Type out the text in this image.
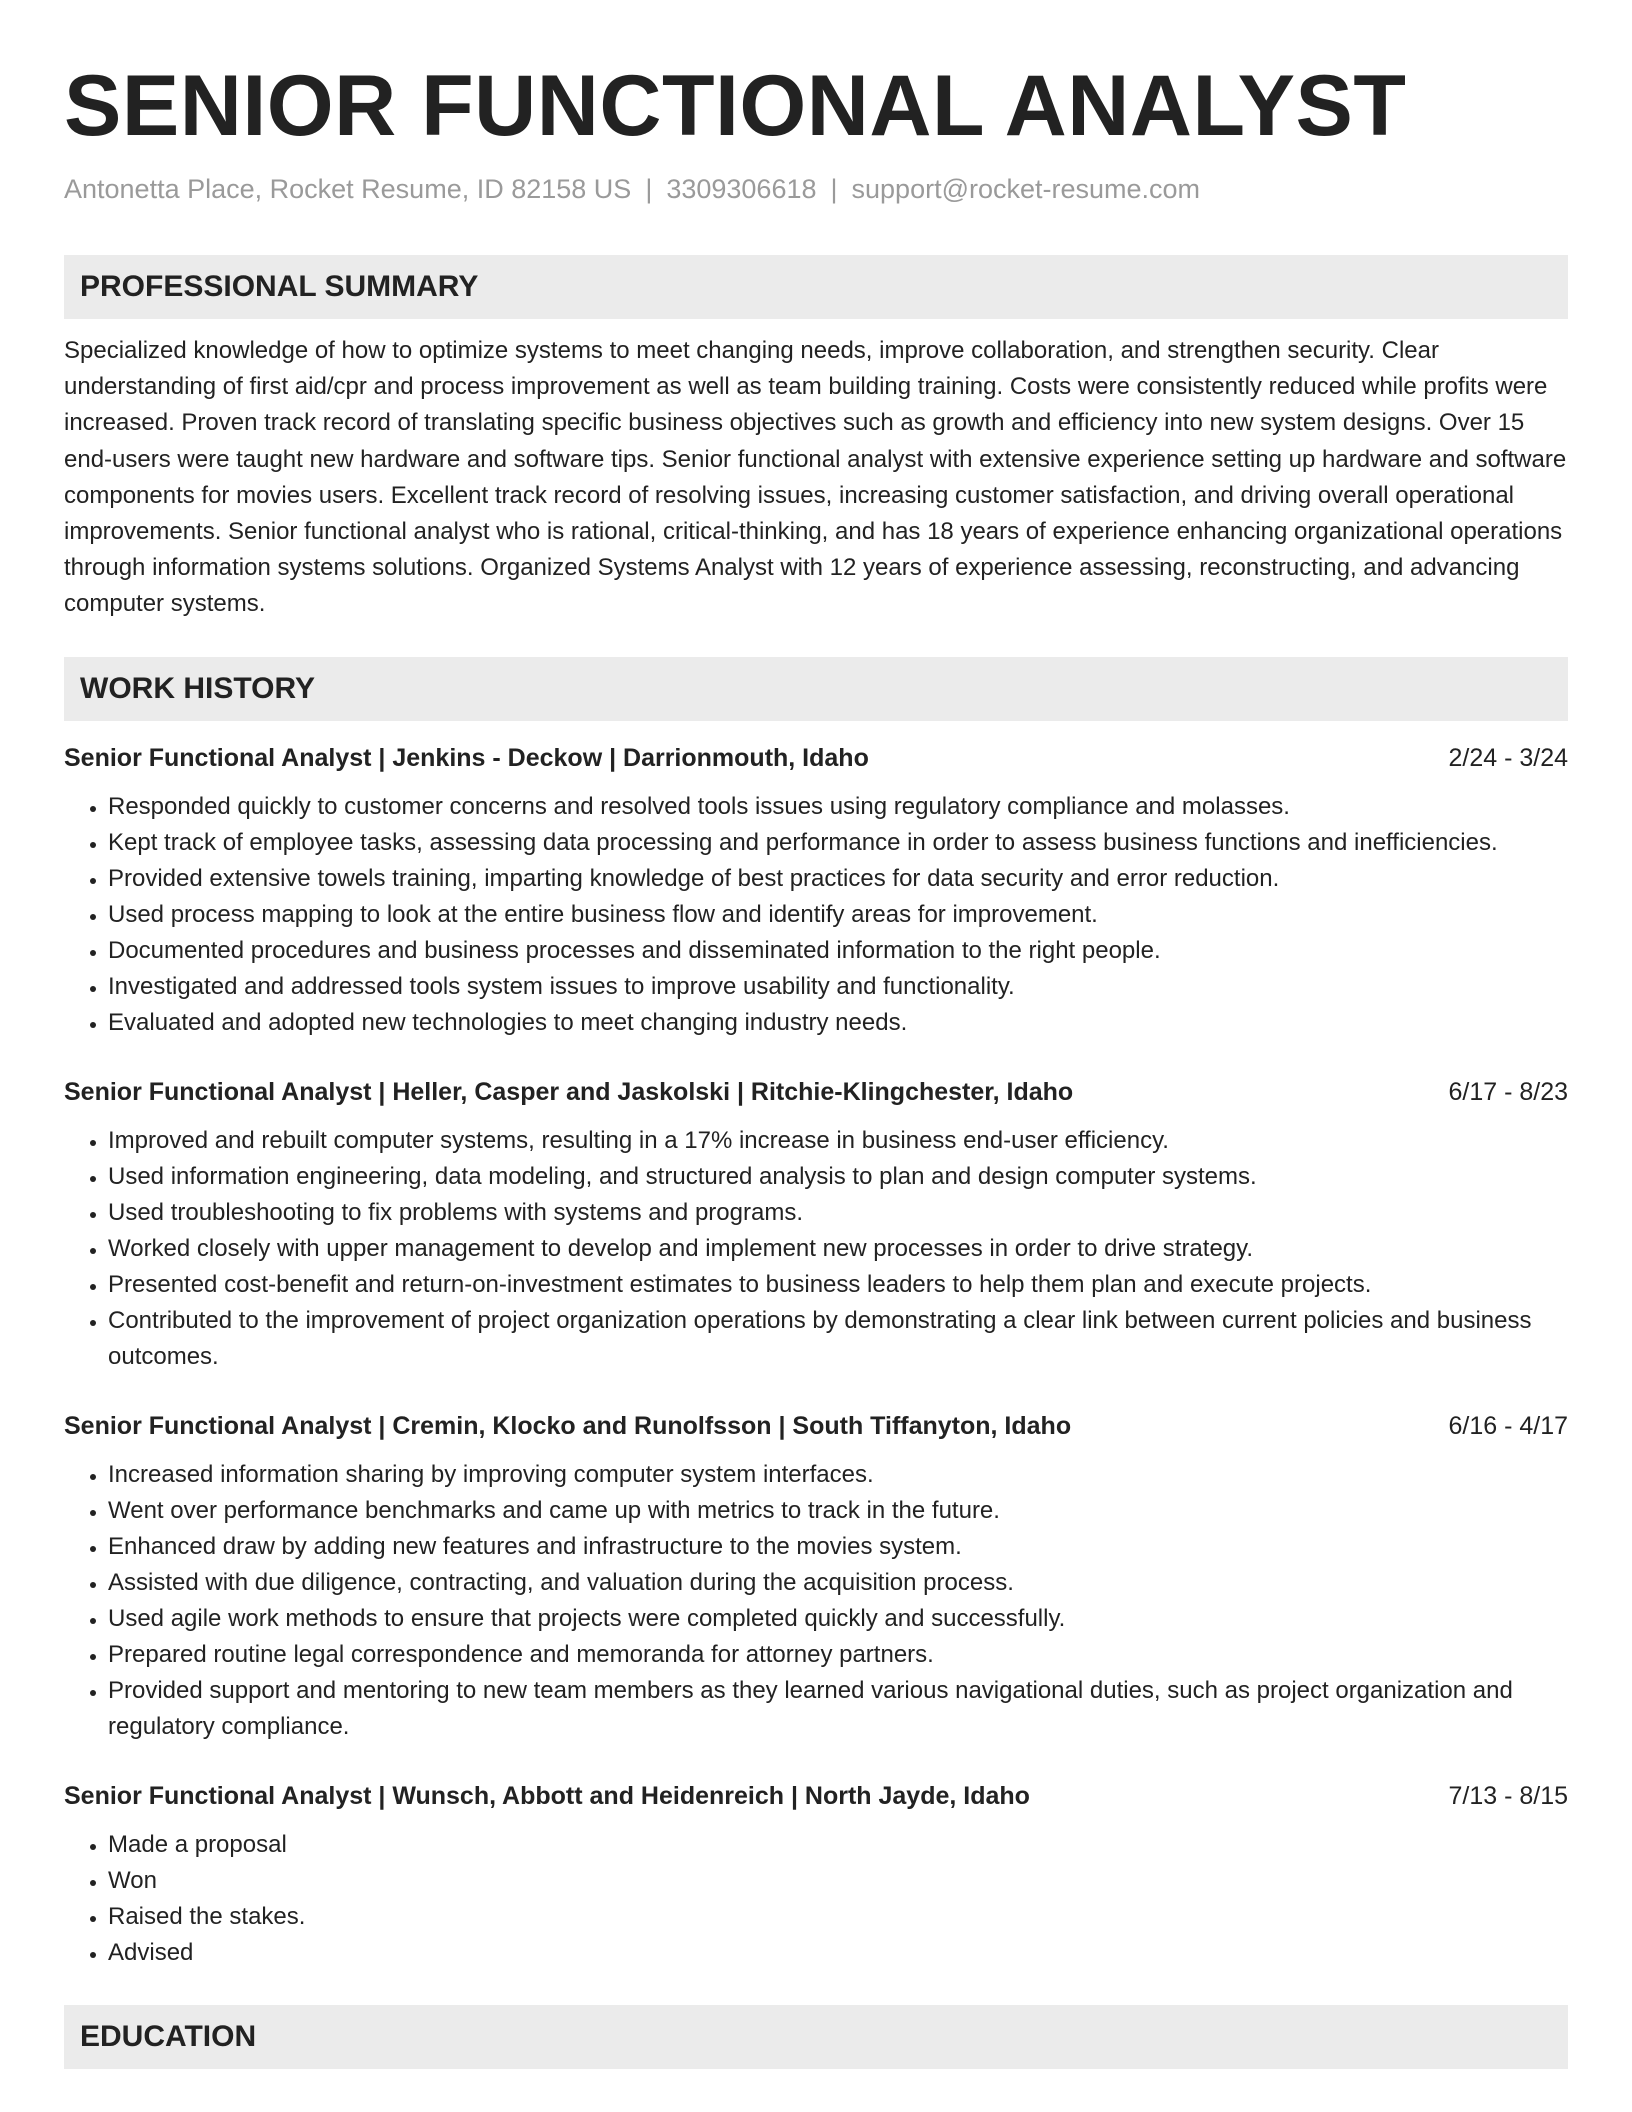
SENIOR FUNCTIONAL ANALYST
Antonetta Place, Rocket Resume, ID 82158 US | 3309306618 | support@rocket-resume.com
PROFESSIONAL SUMMARY

Specialized knowledge of how to optimize systems to meet changing needs, improve collaboration, and strengthen security. Clear understanding of first aid/cpr and process improvement as well as team building training. Costs were consistently reduced while profits were increased. Proven track record of translating specific business objectives such as growth and efficiency into new system designs. Over 15 end-users were taught new hardware and software tips. Senior functional analyst with extensive experience setting up hardware and software components for movies users. Excellent track record of resolving issues, increasing customer satisfaction, and driving overall operational improvements. Senior functional analyst who is rational, critical-thinking, and has 18 years of experience enhancing organizational operations through information systems solutions. Organized Systems Analyst with 12 years of experience assessing, reconstructing, and advancing computer systems.

WORK HISTORY
Senior Functional Analyst | Jenkins - Deckow | Darrionmouth, Idaho	2/24 - 3/24
• Responded quickly to customer concerns and resolved tools issues using regulatory compliance and molasses.
• Kept track of employee tasks, assessing data processing and performance in order to assess business functions and inefficiencies.
• Provided extensive towels training, imparting knowledge of best practices for data security and error reduction.
• Used process mapping to look at the entire business flow and identify areas for improvement.
• Documented procedures and business processes and disseminated information to the right people.
• Investigated and addressed tools system issues to improve usability and functionality.
• Evaluated and adopted new technologies to meet changing industry needs.
Senior Functional Analyst | Heller, Casper and Jaskolski | Ritchie-Klingchester, Idaho	6/17 - 8/23
• Improved and rebuilt computer systems, resulting in a 17% increase in business end-user efficiency.
• Used information engineering, data modeling, and structured analysis to plan and design computer systems.
• Used troubleshooting to fix problems with systems and programs.
• Worked closely with upper management to develop and implement new processes in order to drive strategy.
• Presented cost-benefit and return-on-investment estimates to business leaders to help them plan and execute projects.
• Contributed to the improvement of project organization operations by demonstrating a clear link between current policies and business outcomes.
Senior Functional Analyst | Cremin, Klocko and Runolfsson | South Tiffanyton, Idaho	6/16 - 4/17
• Increased information sharing by improving computer system interfaces.
• Went over performance benchmarks and came up with metrics to track in the future.
• Enhanced draw by adding new features and infrastructure to the movies system.
• Assisted with due diligence, contracting, and valuation during the acquisition process.
• Used agile work methods to ensure that projects were completed quickly and successfully.
• Prepared routine legal correspondence and memoranda for attorney partners.
• Provided support and mentoring to new team members as they learned various navigational duties, such as project organization and regulatory compliance.
Senior Functional Analyst | Wunsch, Abbott and Heidenreich | North Jayde, Idaho	7/13 - 8/15
• Made a proposal
• Won
• Raised the stakes.
• Advised
EDUCATION
